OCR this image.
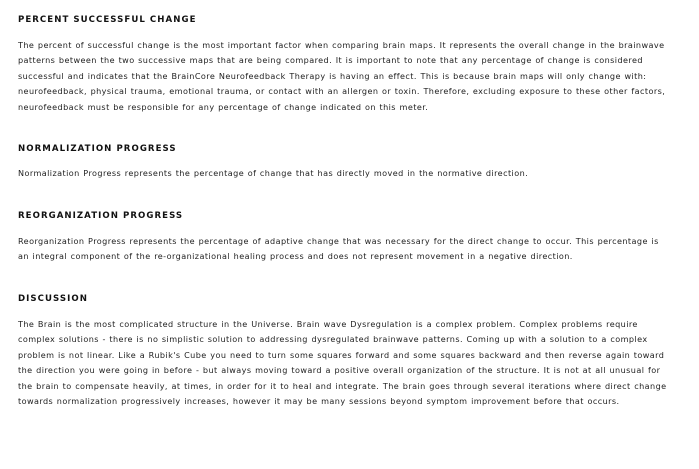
PERCENT SUCCESSFUL CHANGE

The percent of successful change is the most important factor when comparing brain maps. It represents the overall change in the brainwave patterns between the two successive maps that are being compared. It is important to note that any percentage of change is considered successful and indicates that the BrainCore Neurofeedback Therapy is having an effect. This is because brain maps will only change with: neurofeedback, physical trauma, emotional trauma, or contact with an allergen or toxin. Therefore, excluding exposure to these other factors, neurofeedback must be responsible for any percentage of change indicated on this meter.

NORMALIZATION PROGRESS

Normalization Progress represents the percentage of change that has directly moved in the normative direction.

REORGANIZATION PROGRESS

Reorganization Progress represents the percentage of adaptive change that was necessary for the direct change to occur. This percentage is an integral component of the re-organizational healing process and does not represent movement in a negative direction.

DISCUSSION

The Brain is the most complicated structure in the Universe. Brain wave Dysregulation is a complex problem. Complex problems require complex solutions - there is no simplistic solution to addressing dysregulated brainwave patterns. Coming up with a solution to a complex problem is not linear. Like a Rubik's Cube you need to turn some squares forward and some squares backward and then reverse again toward the direction you were going in before - but always moving toward a positive overall organization of the structure. It is not at all unusual for the brain to compensate heavily, at times, in order for it to heal and integrate. The brain goes through several iterations where direct change towards normalization progressively increases, however it may be many sessions beyond symptom improvement before that occurs.
